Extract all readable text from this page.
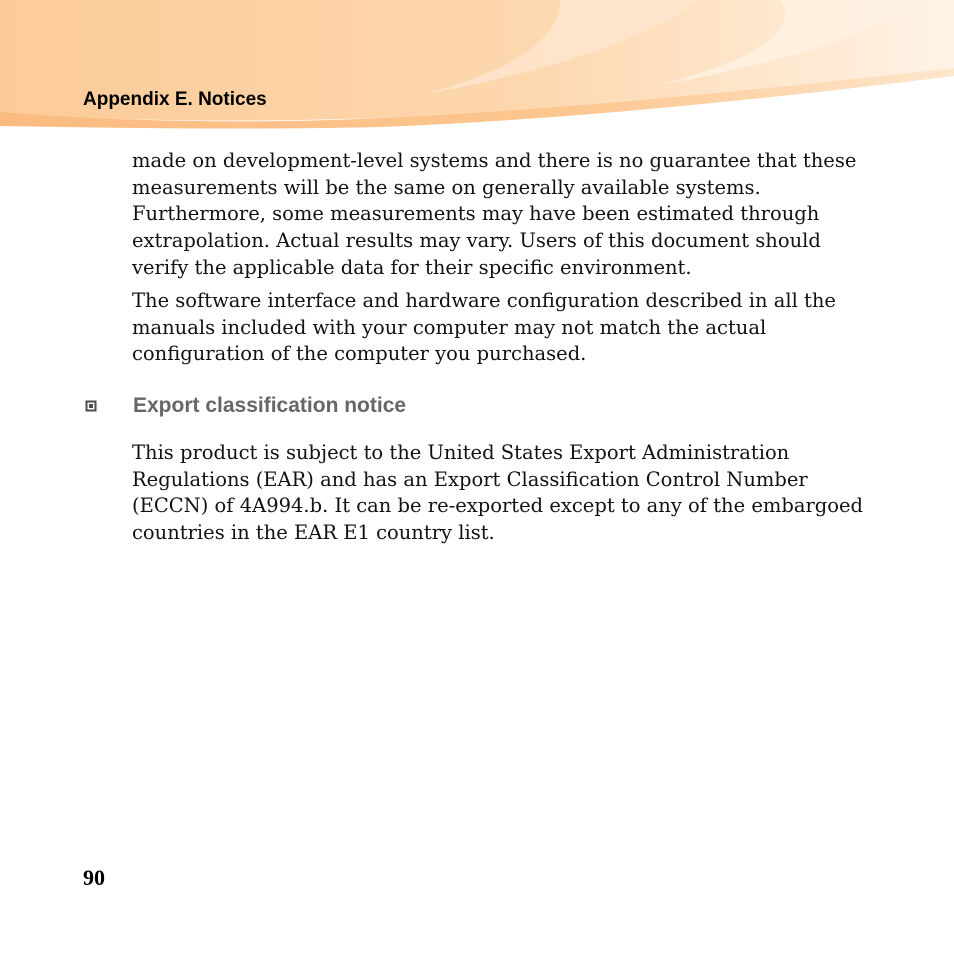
Appendix E. Notices

made on development-level systems and there is no guarantee that these
measurements will be the same on generally available systems.
Furthermore, some measurements may have been estimated through
extrapolation. Actual results may vary. Users of this document should
verify the applicable data for their specific environment.

The software interface and hardware configuration described in all the
manuals included with your computer may not match the actual
configuration of the computer you purchased.

Export classification notice

This product is subject to the United States Export Administration
Regulations (EAR) and has an Export Classification Control Number
(ECCN) of 4A994.b. It can be re-exported except to any of the embargoed
countries in the EAR E1 country list.

90
